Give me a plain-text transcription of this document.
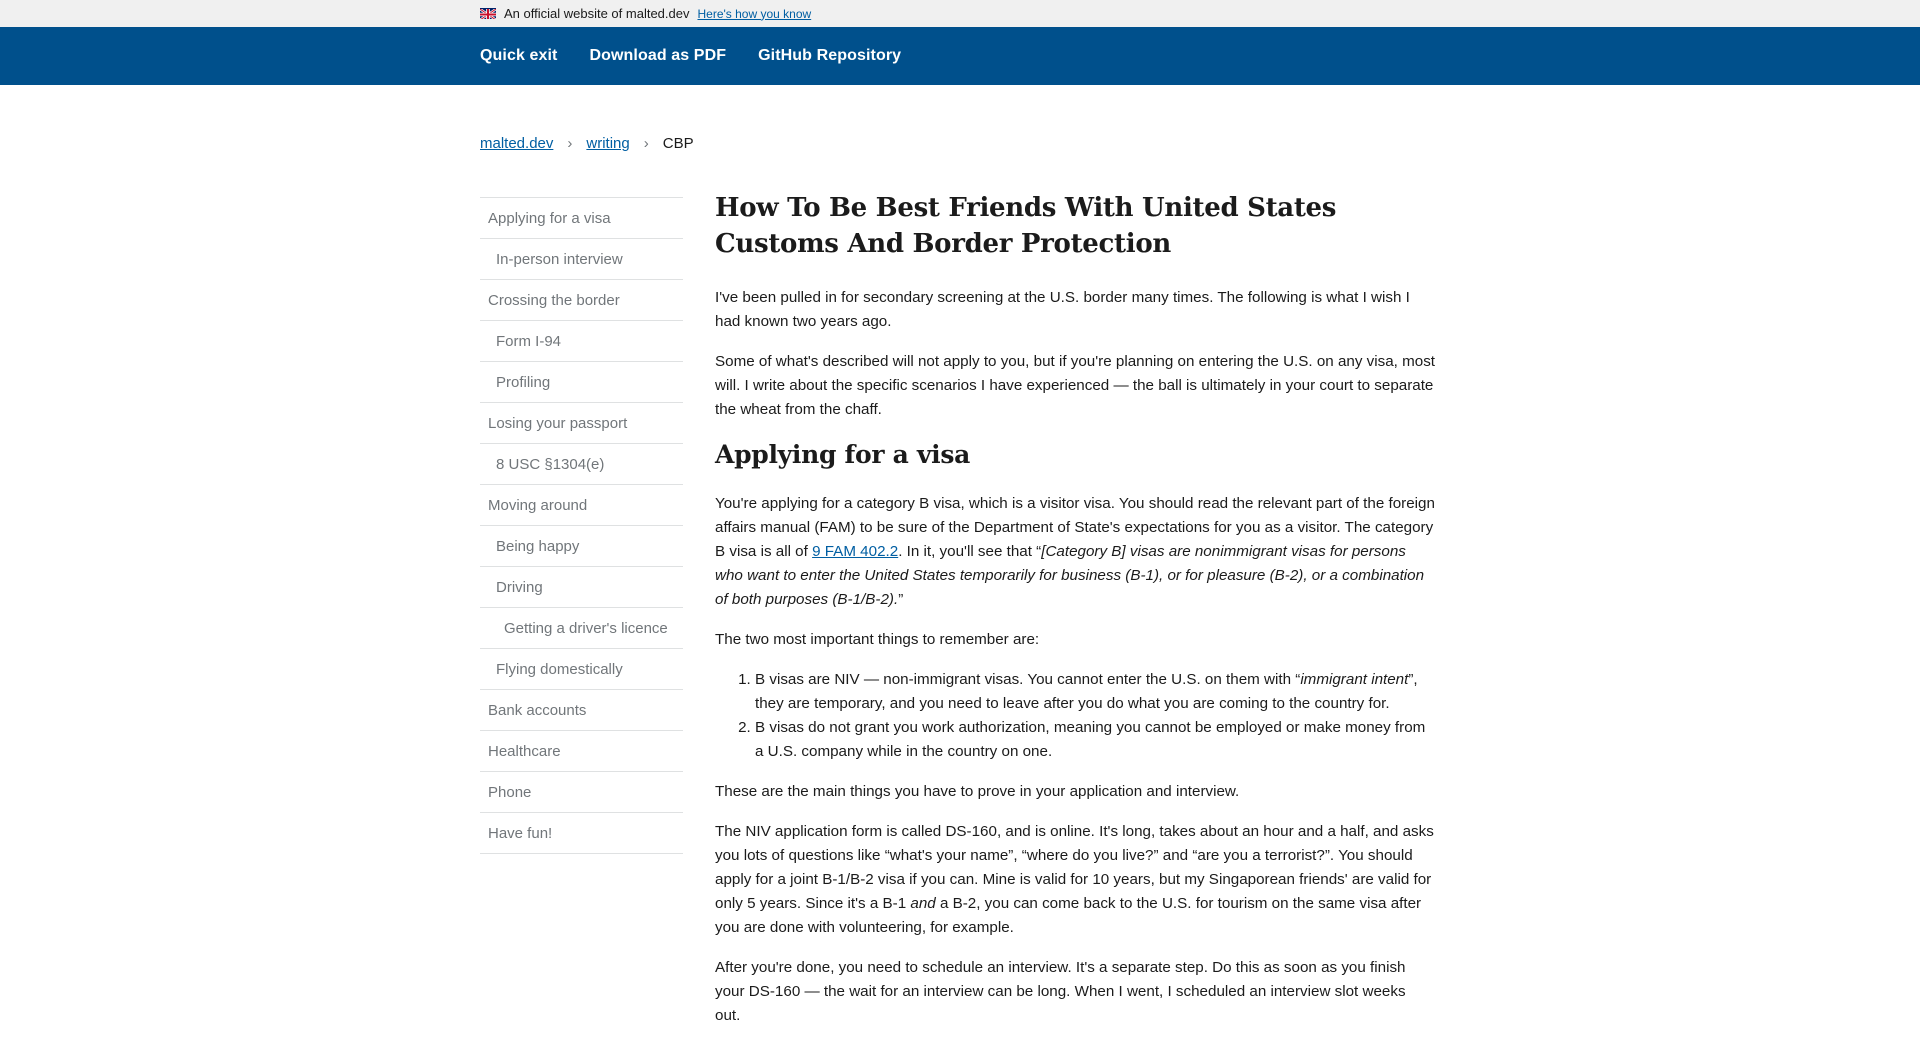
An official website of malted.dev Here's how you know
Quick exit Download as PDF GitHub Repository
malted.dev › writing › CBP
Applying for a visa
In-person interview
Crossing the border
Form I-94
Profiling
Losing your passport
8 USC §1304(e)
Moving around
Being happy
Driving
Getting a driver's licence
Flying domestically
Bank accounts
Healthcare
Phone
Have fun!
How To Be Best Friends With United States Customs And Border Protection

I've been pulled in for secondary screening at the U.S. border many times. The following is what I wish I had known two years ago.

Some of what's described will not apply to you, but if you're planning on entering the U.S. on any visa, most will. I write about the specific scenarios I have experienced — the ball is ultimately in your court to separate the wheat from the chaff.

Applying for a visa

You're applying for a category B visa, which is a visitor visa. You should read the relevant part of the foreign affairs manual (FAM) to be sure of the Department of State's expectations for you as a visitor. The category B visa is all of 9 FAM 402.2. In it, you'll see that “[Category B] visas are nonimmigrant visas for persons who want to enter the United States temporarily for business (B-1), or for pleasure (B-2), or a combination of both purposes (B-1/B-2).”

The two most important things to remember are:

1. B visas are NIV — non-immigrant visas. You cannot enter the U.S. on them with “immigrant intent”, they are temporary, and you need to leave after you do what you are coming to the country for.
2. B visas do not grant you work authorization, meaning you cannot be employed or make money from a U.S. company while in the country on one.

These are the main things you have to prove in your application and interview.

The NIV application form is called DS-160, and is online. It's long, takes about an hour and a half, and asks you lots of questions like “what's your name”, “where do you live?” and “are you a terrorist?”. You should apply for a joint B-1/B-2 visa if you can. Mine is valid for 10 years, but my Singaporean friends' are valid for only 5 years. Since it's a B-1 and a B-2, you can come back to the U.S. for tourism on the same visa after you are done with volunteering, for example.

After you're done, you need to schedule an interview. It's a separate step. Do this as soon as you finish your DS-160 — the wait for an interview can be long. When I went, I scheduled an interview slot weeks out.
